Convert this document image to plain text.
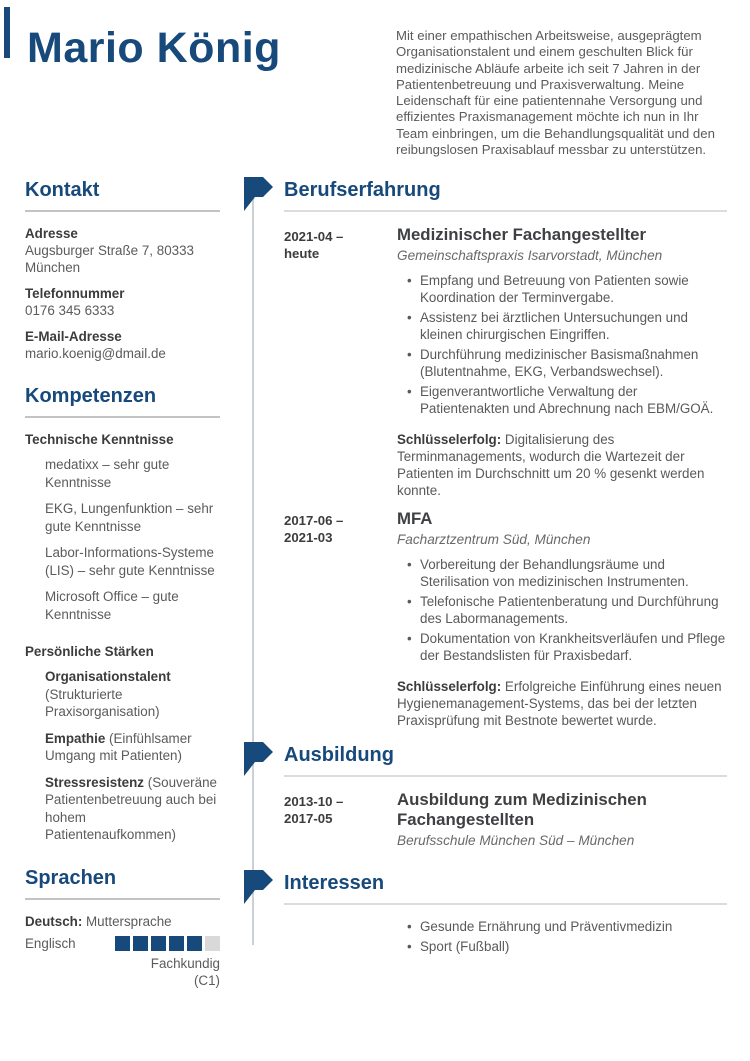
Mario König	Mit einer empathischen Arbeitsweise, ausgeprägtem Organisationstalent und einem geschulten Blick für medizinische Abläufe arbeite ich seit 7 Jahren in der Patientenbetreuung und Praxisverwaltung. Meine Leidenschaft für eine patientennahe Versorgung und effizientes Praxismanagement möchte ich nun in Ihr Team einbringen, um die Behandlungsqualität und den reibungslosen Praxisablauf messbar zu unterstützen.

Kontakt
Adresse
Augsburger Straße 7, 80333 München
Telefonnummer
0176 345 6333
E-Mail-Adresse
mario.koenig@dmail.de
Kompetenzen

Technische Kenntnisse

medatixx – sehr gute Kenntnisse
EKG, Lungenfunktion – sehr gute Kenntnisse
Labor-Informations-Systeme (LIS) – sehr gute Kenntnisse
Microsoft Office – gute Kenntnisse

Persönliche Stärken

Organisationstalent (Strukturierte Praxisorganisation)
Empathie (Einfühlsamer Umgang mit Patienten)
Stressresistenz (Souveräne Patientenbetreuung auch bei hohem Patientenaufkommen)
Sprachen
Deutsch: Muttersprache
Englisch
Fachkundig
(C1)
Berufserfahrung
2021-04 –
heute
Medizinischer Fachangestellter

Gemeinschaftspraxis Isarvorstadt, München

• Empfang und Betreuung von Patienten sowie Koordination der Terminvergabe.
• Assistenz bei ärztlichen Untersuchungen und kleinen chirurgischen Eingriffen.
• Durchführung medizinischer Basismaßnahmen (Blutentnahme, EKG, Verbandswechsel).
• Eigenverantwortliche Verwaltung der Patientenakten und Abrechnung nach EBM/GOÄ.

Schlüsselerfolg: Digitalisierung des Terminmanagements, wodurch die Wartezeit der Patienten im Durchschnitt um 20 % gesenkt werden konnte.

2017-06 –
2021-03
MFA

Facharztzentrum Süd, München

• Vorbereitung der Behandlungsräume und Sterilisation von medizinischen Instrumenten.
• Telefonische Patientenberatung und Durchführung des Labormanagements.
• Dokumentation von Krankheitsverläufen und Pflege der Bestandslisten für Praxisbedarf.

Schlüsselerfolg: Erfolgreiche Einführung eines neuen Hygienemanagement-Systems, das bei der letzten Praxisprüfung mit Bestnote bewertet wurde.

Ausbildung
2013-10 –
2017-05
Ausbildung zum Medizinischen Fachangestellten

Berufsschule München Süd – München

Interessen
• Gesunde Ernährung und Präventivmedizin
• Sport (Fußball)
